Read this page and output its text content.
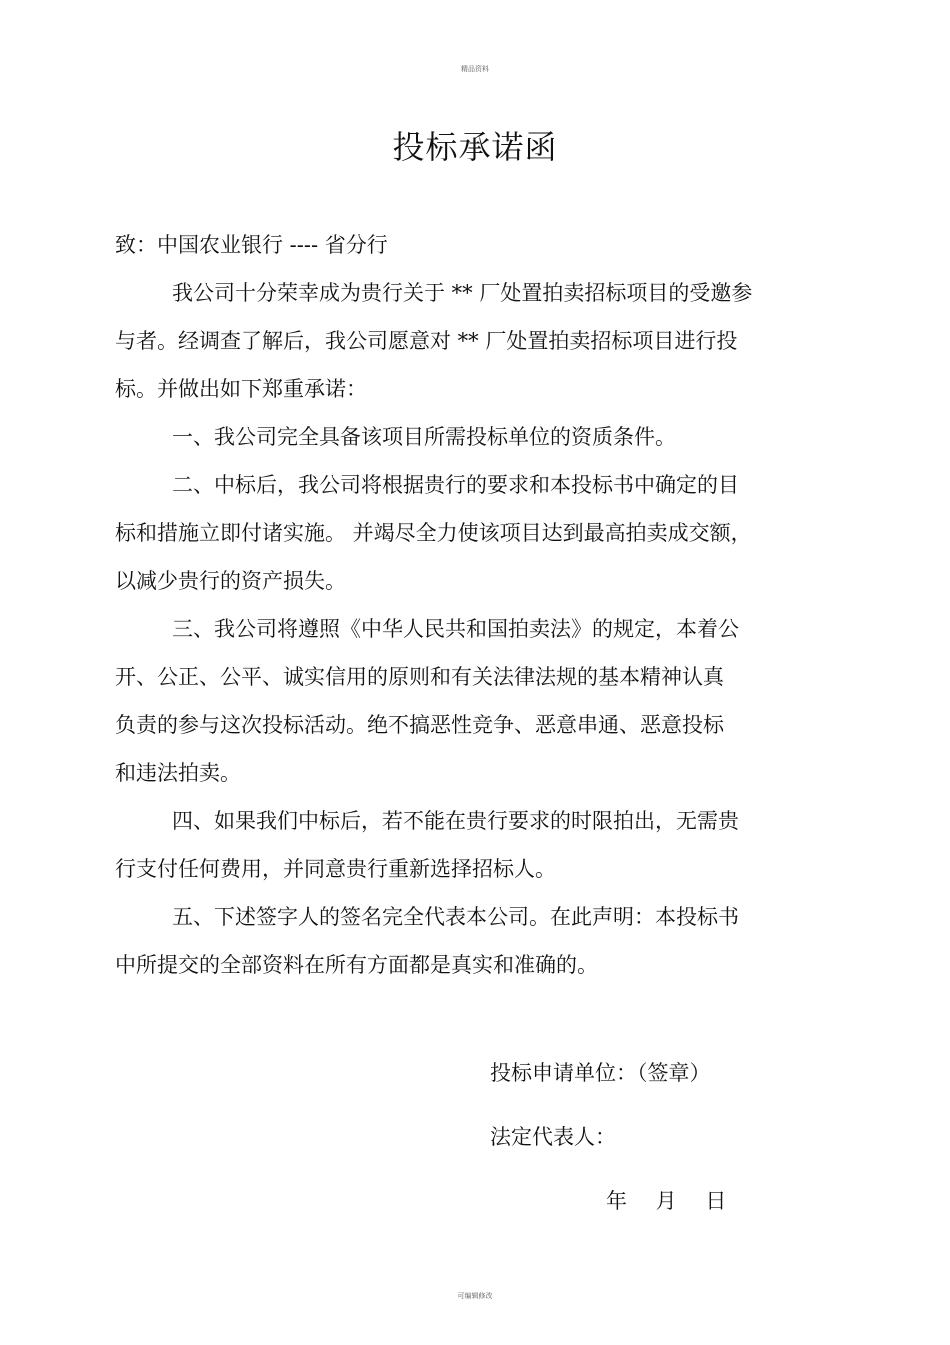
精品资料
投标承诺函
致：中国农业银行 ---- 省分行
我公司十分荣幸成为贵行关于 ** 厂处置拍卖招标项目的受邀参
与者。经调查了解后，我公司愿意对 ** 厂处置拍卖招标项目进行投
标。并做出如下郑重承诺：
一、我公司完全具备该项目所需投标单位的资质条件。
二、中标后，我公司将根据贵行的要求和本投标书中确定的目
标和措施立即付诸实施。 并竭尽全力使该项目达到最高拍卖成交额，
以减少贵行的资产损失。
三、我公司将遵照《中华人民共和国拍卖法》的规定，本着公
开、公正、公平、诚实信用的原则和有关法律法规的基本精神认真
负责的参与这次投标活动。绝不搞恶性竞争、恶意串通、恶意投标
和违法拍卖。
四、如果我们中标后，若不能在贵行要求的时限拍出，无需贵
行支付任何费用，并同意贵行重新选择招标人。
五、下述签字人的签名完全代表本公司。在此声明：本投标书
中所提交的全部资料在所有方面都是真实和准确的。
投标申请单位：（签章）
法定代表人：
年 月 日
可编辑修改
